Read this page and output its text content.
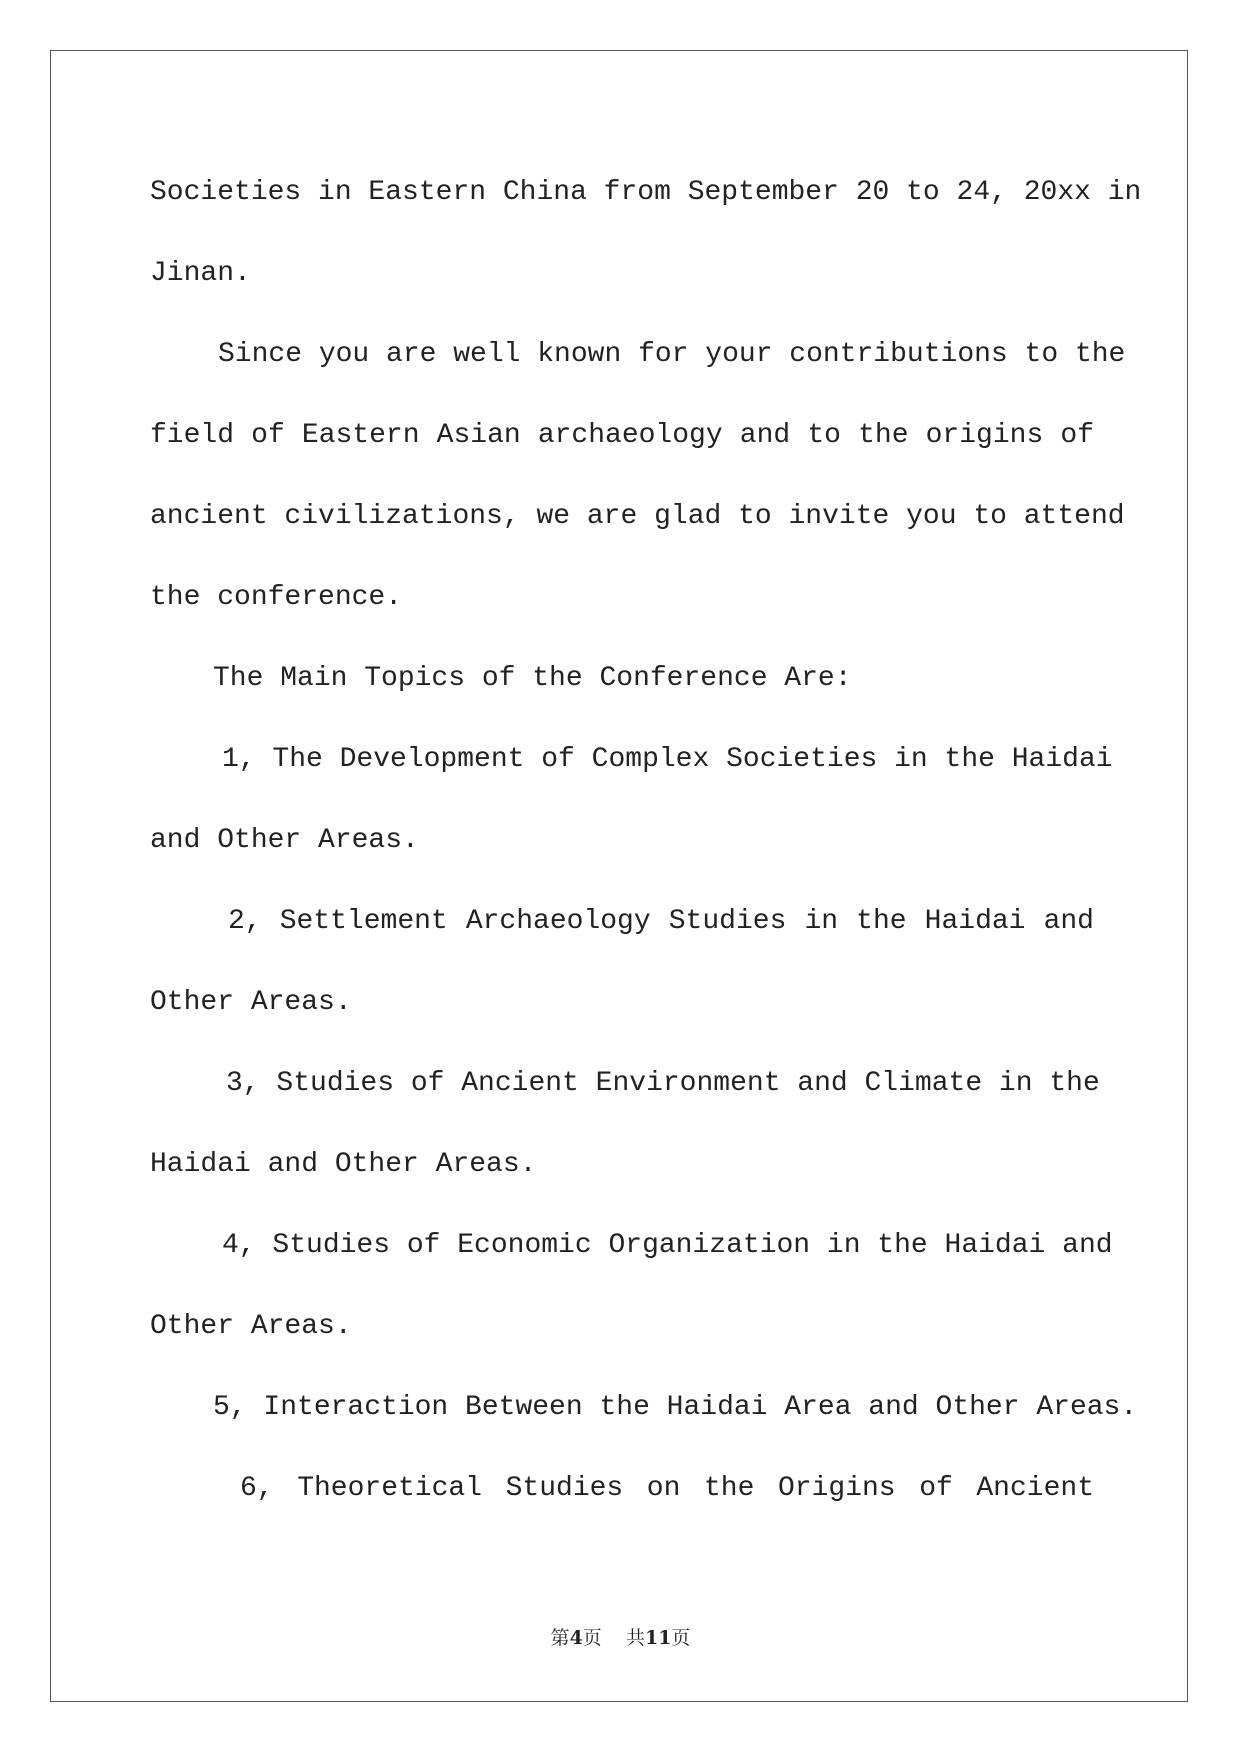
Societies in Eastern China from September 20 to 24, 20xx in
Jinan.
Since you are well known for your contributions to the
field of Eastern Asian archaeology and to the origins of
ancient civilizations, we are glad to invite you to attend
the conference.
The Main Topics of the Conference Are:
1, The Development of Complex Societies in the Haidai
and Other Areas.
2, Settlement Archaeology Studies in the Haidai and
Other Areas.
3, Studies of Ancient Environment and Climate in the
Haidai and Other Areas.
4, Studies of Economic Organization in the Haidai and
Other Areas.
5, Interaction Between the Haidai Area and Other Areas.
6, Theoretical Studies on the Origins of Ancient
第4页    共11页
